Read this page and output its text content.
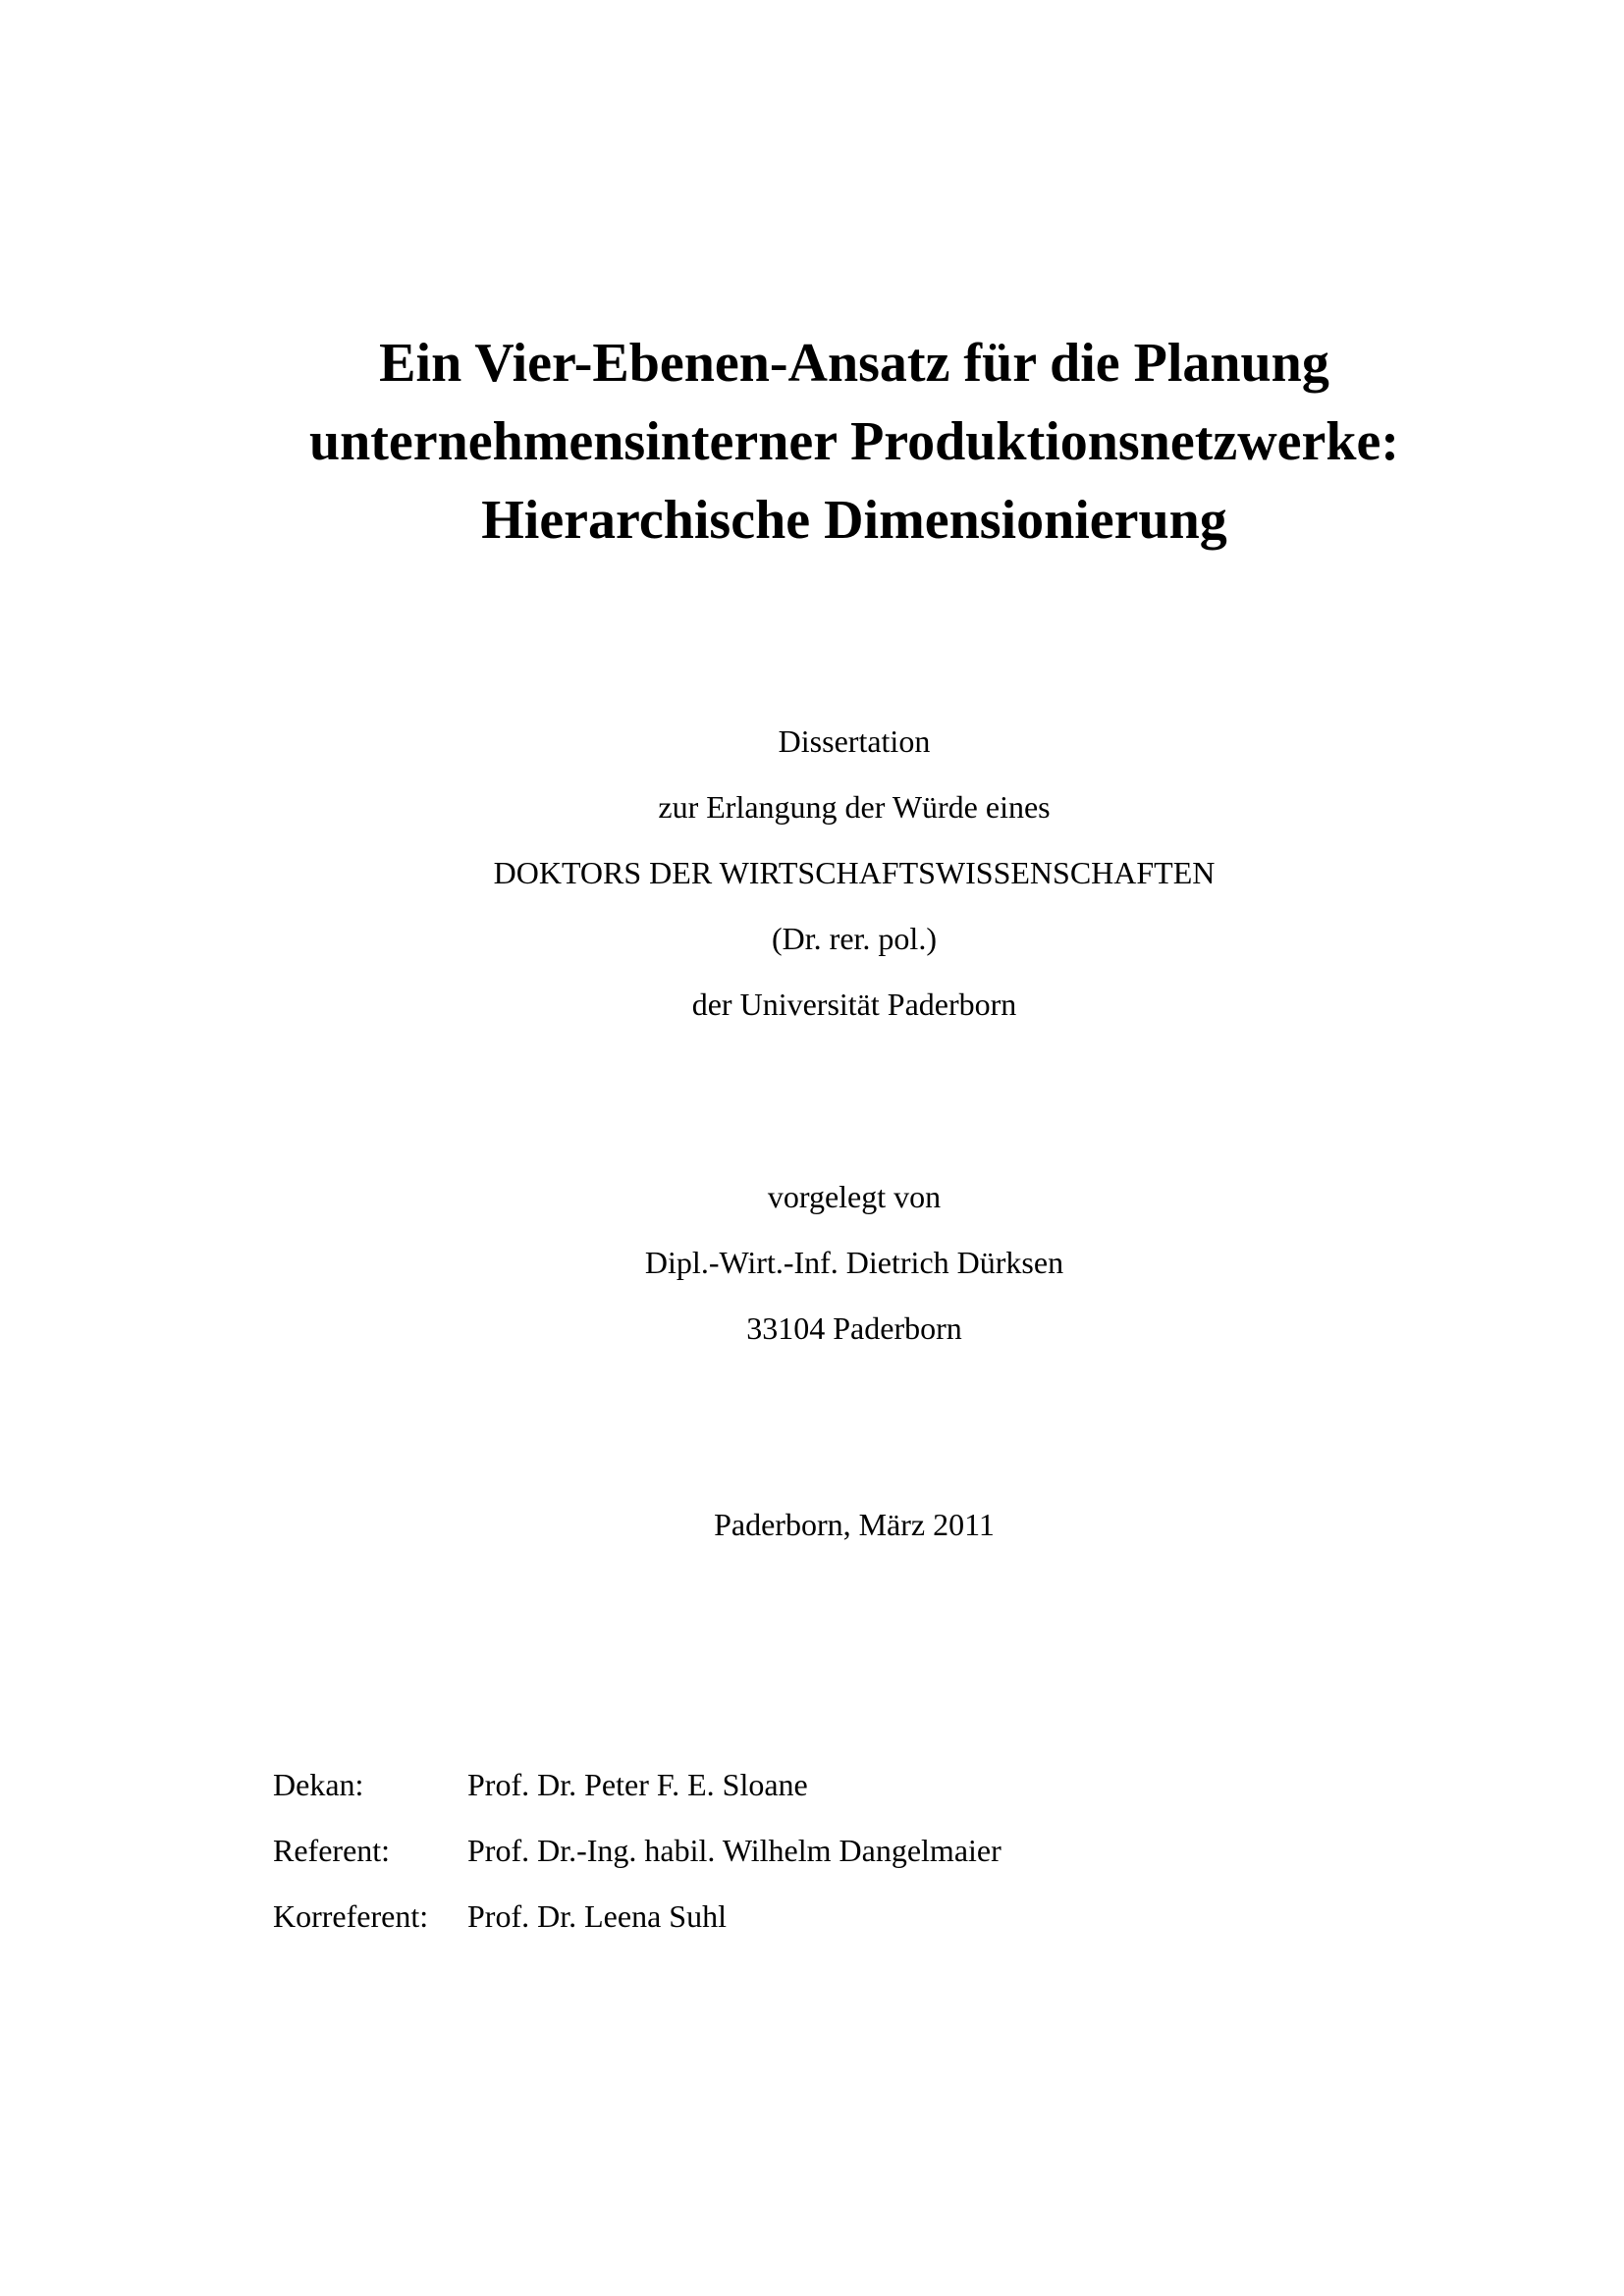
Ein Vier-Ebenen-Ansatz für die Planung
unternehmensinterner Produktionsnetzwerke:
Hierarchische Dimensionierung
Dissertation
zur Erlangung der Würde eines
DOKTORS DER WIRTSCHAFTSWISSENSCHAFTEN
(Dr. rer. pol.)
der Universität Paderborn
vorgelegt von
Dipl.-Wirt.-Inf. Dietrich Dürksen
33104 Paderborn
Paderborn, März 2011
Dekan:	Prof. Dr. Peter F. E. Sloane
Referent:	Prof. Dr.-Ing. habil. Wilhelm Dangelmaier
Korreferent:	Prof. Dr. Leena Suhl
